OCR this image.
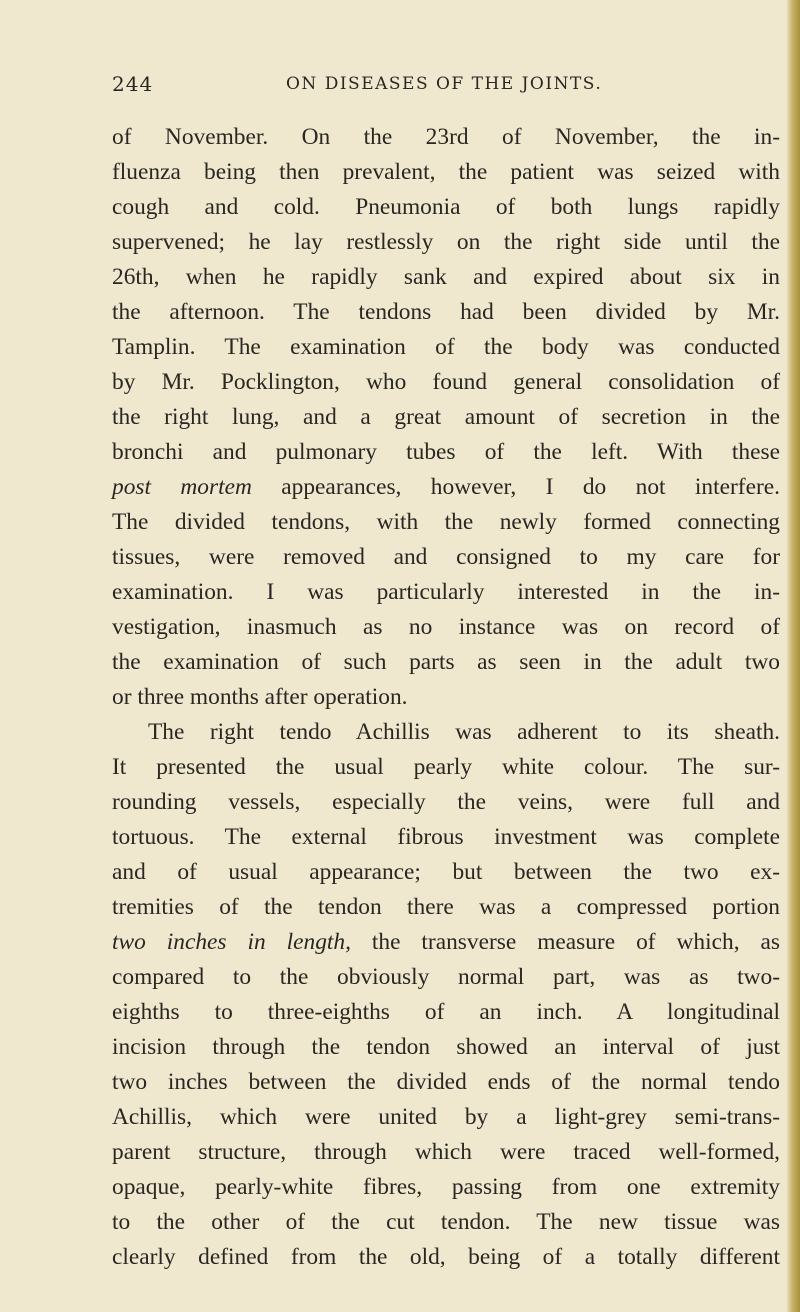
244	ON DISEASES OF THE JOINTS.
of November. On the 23rd of November, the in-
fluenza being then prevalent, the patient was seized with
cough and cold. Pneumonia of both lungs rapidly
supervened; he lay restlessly on the right side until the
26th, when he rapidly sank and expired about six in
the afternoon. The tendons had been divided by Mr.
Tamplin. The examination of the body was conducted
by Mr. Pocklington, who found general consolidation of
the right lung, and a great amount of secretion in the
bronchi and pulmonary tubes of the left. With these
post mortem appearances, however, I do not interfere.
The divided tendons, with the newly formed connecting
tissues, were removed and consigned to my care for
examination. I was particularly interested in the in-
vestigation, inasmuch as no instance was on record of
the examination of such parts as seen in the adult two
or three months after operation.
The right tendo Achillis was adherent to its sheath.
It presented the usual pearly white colour. The sur-
rounding vessels, especially the veins, were full and
tortuous. The external fibrous investment was complete
and of usual appearance; but between the two ex-
tremities of the tendon there was a compressed portion
two inches in length, the transverse measure of which, as
compared to the obviously normal part, was as two-
eighths to three-eighths of an inch. A longitudinal
incision through the tendon showed an interval of just
two inches between the divided ends of the normal tendo
Achillis, which were united by a light-grey semi-trans-
parent structure, through which were traced well-formed,
opaque, pearly-white fibres, passing from one extremity
to the other of the cut tendon. The new tissue was
clearly defined from the old, being of a totally different
